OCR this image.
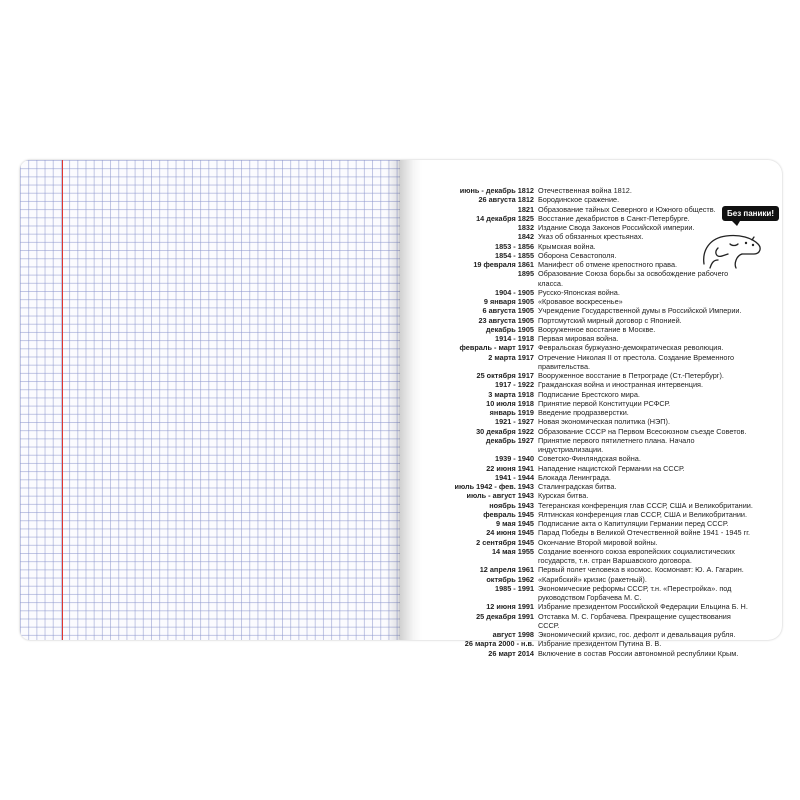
июнь - декабрь 1812 Отечественная война 1812.
26 августа 1812 Бородинское сражение.
1821 Образование тайных Северного и Южного обществ.
14 декабря 1825 Восстание декабристов в Санкт-Петербурге.
1832 Издание Свода Законов Российской империи.
1842 Указ об обязанных крестьянах.
1853 - 1856 Крымская война.
1854 - 1855 Оборона Севастополя.
19 февраля 1861 Манифест об отмене крепостного права.
1895 Образование Союза борьбы за освобождение рабочего класса.
1904 - 1905 Русско-Японская война.
9 января 1905 «Кровавое воскресенье»
6 августа 1905 Учреждение Государственной думы в Российской Империи.
23 августа 1905 Портсмутский мирный договор с Японией.
декабрь 1905 Вооруженное восстание в Москве.
1914 - 1918 Первая мировая война.
февраль - март 1917 Февральская буржуазно-демократическая революция.
2 марта 1917 Отречение Николая II от престола. Создание Временного правительства.
25 октября 1917 Вооруженное восстание в Петрограде (Ст.-Петербург).
1917 - 1922 Гражданская война и иностранная интервенция.
3 марта 1918 Подписание Брестского мира.
10 июля 1918 Принятие первой Конституции РСФСР.
январь 1919 Введение продразверстки.
1921 - 1927 Новая экономическая политика (НЭП).
30 декабря 1922 Образование СССР на Первом Всесоюзном съезде Советов.
декабрь 1927 Принятие первого пятилетнего плана. Начало индустриализации.
1939 - 1940 Советско-Финляндская война.
22 июня 1941 Нападение нацистской Германии на СССР.
1941 - 1944 Блокада Ленинграда.
июль 1942 - фев. 1943 Сталинградская битва.
июль - август 1943 Курская битва.
ноябрь 1943 Тегеранская конференция глав СССР, США и Великобритании.
февраль 1945 Ялтинская конференция глав СССР, США и Великобритании.
9 мая 1945 Подписание акта о Капитуляции Германии перед СССР.
24 июня 1945 Парад Победы в Великой Отечественной войне 1941 - 1945 гг.
2 сентября 1945 Окончание Второй мировой войны.
14 мая 1955 Создание военного союза европейских социалистических государств, т.н. стран Варшавского договора.
12 апреля 1961 Первый полет человека в космос. Космонавт: Ю. А. Гагарин.
октябрь 1962 «Карибский» кризис (ракетный).
1985 - 1991 Экономические реформы СССР, т.н. «Перестройка». под руководством Горбачева М. С.
12 июня 1991 Избрание президентом Российской Федерации Ельцина Б. Н.
25 декабря 1991 Отставка М. С. Горбачева. Прекращение существования СССР.
август 1998 Экономический кризис, гос. дефолт и девальвация рубля.
26 марта 2000 - н.в. Избрание президентом Путина В. В.
26 март 2014 Включение в состав России автономной республики Крым.
Без паники!
